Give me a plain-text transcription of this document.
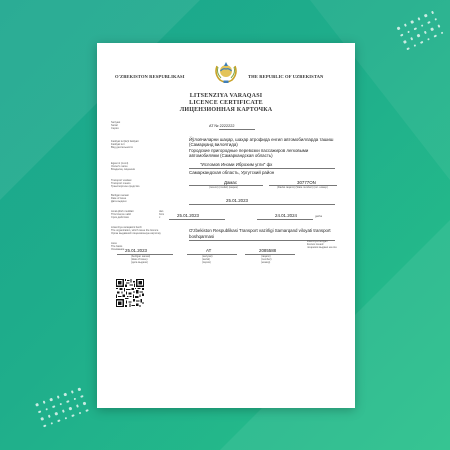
O'ZBEKISTON RESPUBLIKASI	THE REPUBLIC OF UZBEKISTAN
LITSENZIYA VARAQASI
LICENCE CERTIFICATE
ЛИЦЕНЗИОННАЯ КАРТОЧКА
Seriyasi
Serial
Серия
AT № 2222222
Faoliyat tur(lar)i faoliyati
Faoliyat turi
Вид деятельности
Йўловчиларни шаҳар, шаҳар атрофида енгил автомобилларда ташиш (Самарқанд вилоятида)
Городские пригородные перевозки пассажиров легковыми автомобилями (Самаркандская область)
Egasi ni (nomi)
Owner's name
Владелец лицензии
"Исломов Иноми Иброхим угли" фх
Самаркандская область, Ургутский район
Transport vositasi
Transport means
Транспортное средство
Дамас	30777ON
(rusumi) (model) (марка)	(Davlat raqami) (State number) (гос. номер)
Berilgan sanasi
Date of issue
Дата выдачи	25.01.2023
Amal qilish muddati
This licence valid
Срок действия
dan
from
с	25.01.2023	24.01.2024	gacha
Litsenziya varaqasini berdi
The organization, which issue the licence
Орган выдавший лицензионную карточку
O'zbekiston Respublikasi Transport vazirligi Samarqand viloyati transport
boshqarmasi
Asos
The basis
Основание
litsenziya berilgan
licence issued
лицензии выдано на осн
25.01.2023	AT	2085588
(berilgan sanasi)
(date of issue)
(дата выдачи)
(seriyasi)
(serial)
(серия)
(raqami)
(number)
(номер)
